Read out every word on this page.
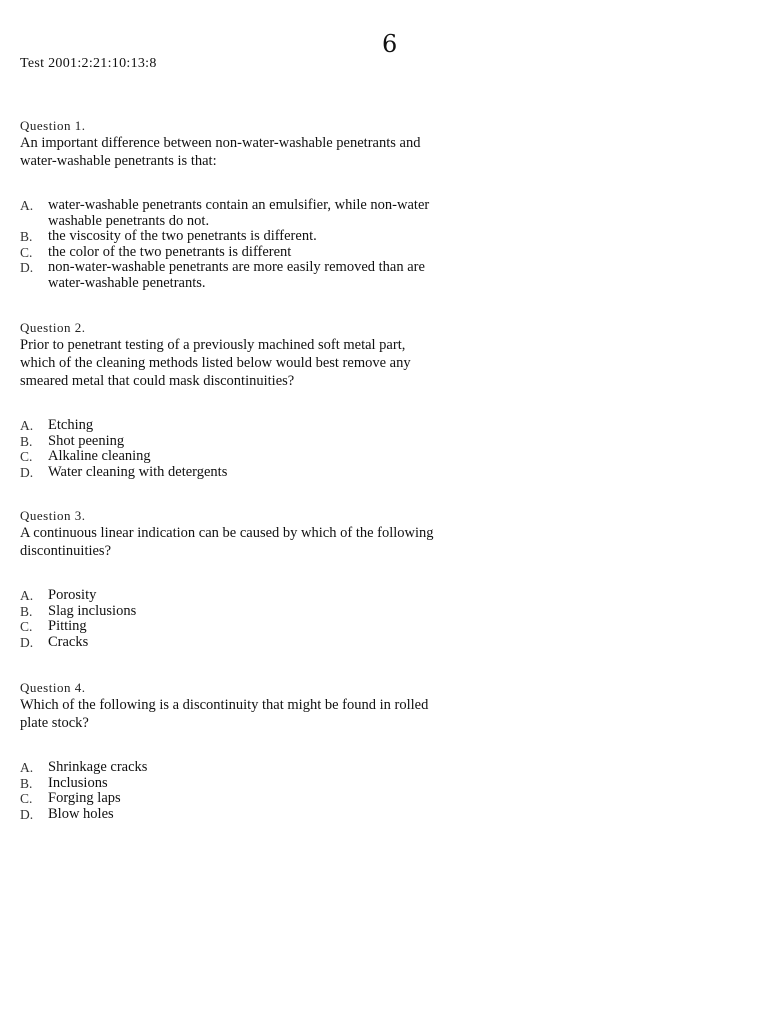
6
Test 2001:2:21:10:13:8
Question 1.
An important difference between non-water-washable penetrants and water-washable penetrants is that:
A.	water-washable penetrants contain an emulsifier, while non-water washable penetrants do not.
B.	the viscosity of the two penetrants is different.
C.	the color of the two penetrants is different
D.	non-water-washable penetrants are more easily removed than are water-washable penetrants.
Question 2.
Prior to penetrant testing of a previously machined soft metal part, which of the cleaning methods listed below would best remove any smeared metal that could mask discontinuities?
A.	Etching
B.	Shot peening
C.	Alkaline cleaning
D.	Water cleaning with detergents
Question 3.
A continuous linear indication can be caused by which of the following discontinuities?
A.	Porosity
B.	Slag inclusions
C.	Pitting
D.	Cracks
Question 4.
Which of the following is a discontinuity that might be found in rolled plate stock?
A.	Shrinkage cracks
B.	Inclusions
C.	Forging laps
D.	Blow holes
